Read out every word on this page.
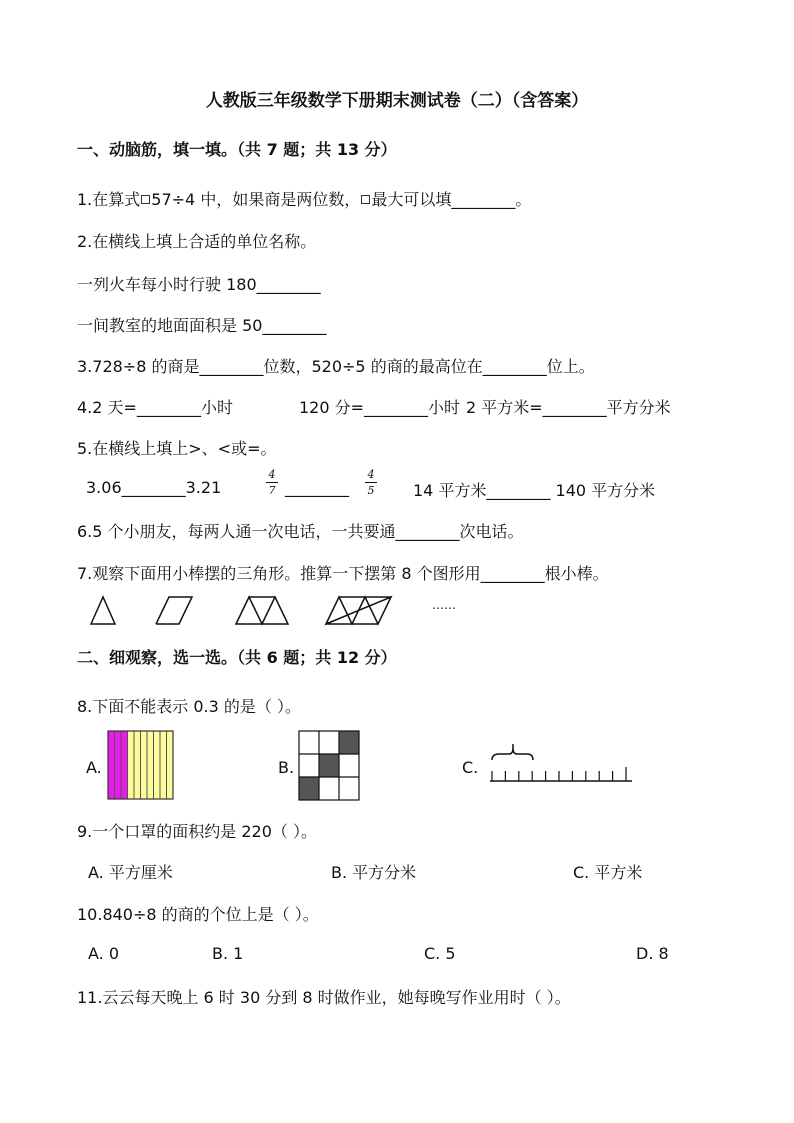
人教版三年级数学下册期末测试卷（二）（含答案）
一、动脑筋，填一填。（共 7 题；共 13 分）
1.在算式 57÷4 中，如果商是两位数， 最大可以填________。
2.在横线上填上合适的单位名称。
一列火车每小时行驶 180________
一间教室的地面面积是 50________
3.728÷8 的商是________位数，520÷5 的商的最高位在________位上。
4.2 天=________小时	120 分=________小时 2 平方米=________平方分米
5.在横线上填上>、<或=。
3.06________3.21
4
7 ________
4
5 14 平方米________ 140 平方分米
6.5 个小朋友，每两人通一次电话，一共要通________次电话。
7.观察下面用小棒摆的三角形。推算一下摆第 8 个图形用________根小棒。
……
二、细观察，选一选。（共 6 题；共 12 分）
8.下面不能表示 0.3 的是（ ）。
A.	B.	C.
9.一个口罩的面积约是 220（ ）。
A. 平方厘米	B. 平方分米	C. 平方米
10.840÷8 的商的个位上是（ ）。
A. 0	B. 1	C. 5	D. 8
11.云云每天晚上 6 时 30 分到 8 时做作业，她每晚写作业用时（ ）。
